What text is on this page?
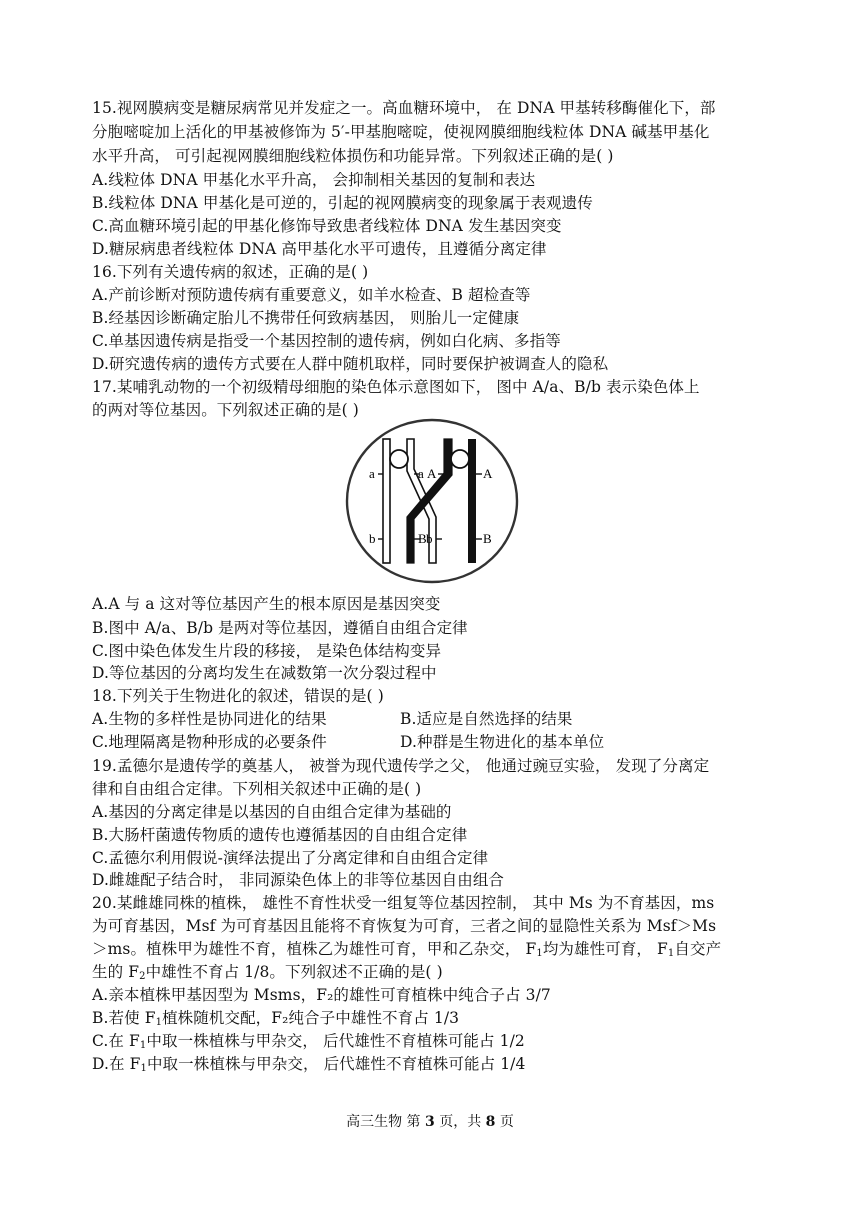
15.视网膜病变是糖尿病常见并发症之一。高血糖环境中， 在 DNA 甲基转移酶催化下，部
分胞嘧啶加上活化的甲基被修饰为 5′-甲基胞嘧啶，使视网膜细胞线粒体 DNA 碱基甲基化
水平升高， 可引起视网膜细胞线粒体损伤和功能异常。下列叙述正确的是( )
A.线粒体 DNA 甲基化水平升高， 会抑制相关基因的复制和表达
B.线粒体 DNA 甲基化是可逆的，引起的视网膜病变的现象属于表观遗传
C.高血糖环境引起的甲基化修饰导致患者线粒体 DNA 发生基因突变
D.糖尿病患者线粒体 DNA 高甲基化水平可遗传，且遵循分离定律
16.下列有关遗传病的叙述，正确的是( )
A.产前诊断对预防遗传病有重要意义，如羊水检查、B 超检查等
B.经基因诊断确定胎儿不携带任何致病基因， 则胎儿一定健康
C.单基因遗传病是指受一个基因控制的遗传病，例如白化病、多指等
D.研究遗传病的遗传方式要在人群中随机取样，同时要保护被调查人的隐私
17.某哺乳动物的一个初级精母细胞的染色体示意图如下， 图中 A/a、B/b 表示染色体上
的两对等位基因。下列叙述正确的是( )
a	a A	A
b	B b	B
A.A 与 a 这对等位基因产生的根本原因是基因突变
B.图中 A/a、B/b 是两对等位基因，遵循自由组合定律
C.图中染色体发生片段的移接， 是染色体结构变异
D.等位基因的分离均发生在减数第一次分裂过程中
18.下列关于生物进化的叙述，错误的是( )
A.生物的多样性是协同进化的结果	B.适应是自然选择的结果
C.地理隔离是物种形成的必要条件	D.种群是生物进化的基本单位
19.孟德尔是遗传学的奠基人， 被誉为现代遗传学之父， 他通过豌豆实验， 发现了分离定
律和自由组合定律。下列相关叙述中正确的是( )
A.基因的分离定律是以基因的自由组合定律为基础的
B.大肠杆菌遗传物质的遗传也遵循基因的自由组合定律
C.孟德尔利用假说-演绎法提出了分离定律和自由组合定律
D.雌雄配子结合时， 非同源染色体上的非等位基因自由组合
20.某雌雄同株的植株， 雄性不育性状受一组复等位基因控制， 其中 Ms 为不育基因，ms
为可育基因，Msf 为可育基因且能将不育恢复为可育，三者之间的显隐性关系为 Msf＞Ms
＞ms。植株甲为雄性不育，植株乙为雄性可育，甲和乙杂交， $F_1$均为雄性可育， $F_1$自交产
生的 $F_2$中雄性不育占 1/8。下列叙述不正确的是( )
A.亲本植株甲基因型为 Msms，F₂的雄性可育植株中纯合子占 3/7
B.若使 $F_1$植株随机交配，F₂纯合子中雄性不育占 1/3
C.在 $F_1$中取一株植株与甲杂交， 后代雄性不育植株可能占 1/2
D.在 $F_1$中取一株植株与甲杂交， 后代雄性不育植株可能占 1/4
高三生物 第 3 页，共 8 页
